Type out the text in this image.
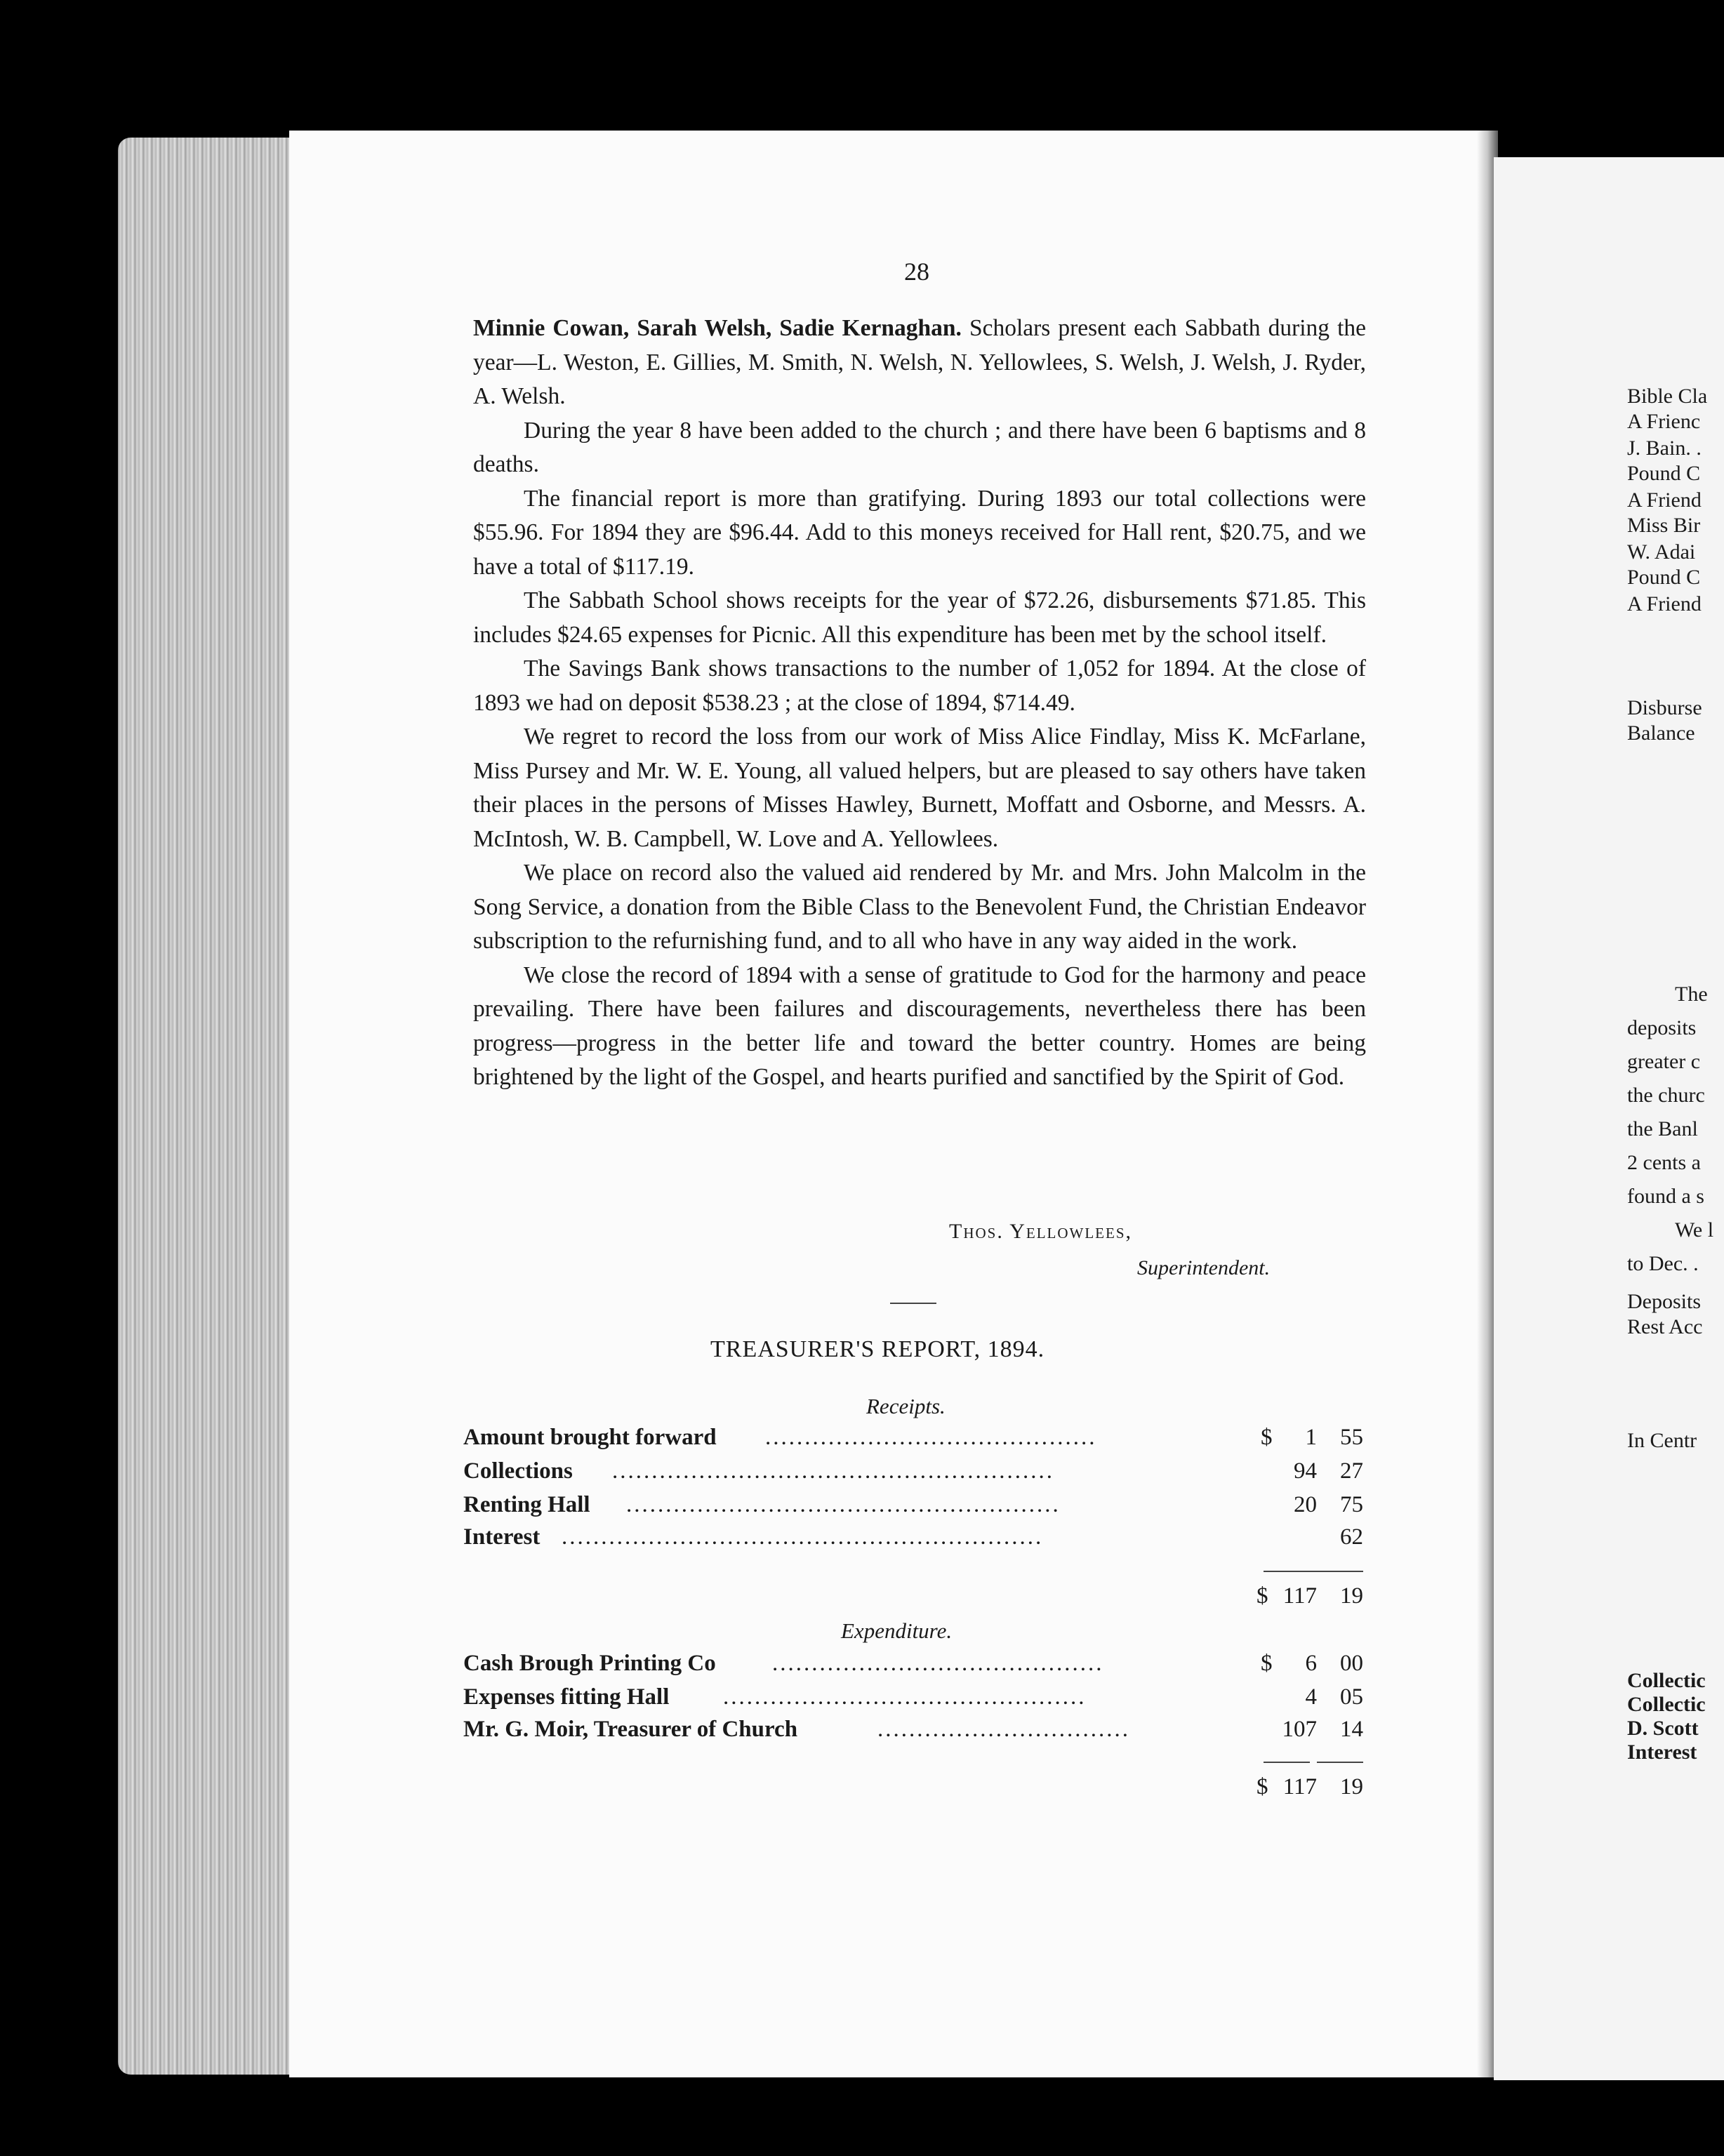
Bible Cla
A Frienc
J. Bain. .
Pound C
A Friend
Miss Bir
W. Adai
Pound C
A Friend
Disburse
Balance
The
deposits
greater c
the churc
the Banl
2 cents a
found a s
We l
to Dec. .
Deposits
Rest Acc
In Centr
Collectic
Collectic
D. Scott
Interest
28

Minnie Cowan, Sarah Welsh, Sadie Kernaghan. Scholars present each Sabbath during the year—L. Weston, E. Gillies, M. Smith, N. Welsh, N. Yellowlees, S. Welsh, J. Welsh, J. Ryder, A. Welsh.

During the year 8 have been added to the church ; and there have been 6 baptisms and 8 deaths.

The financial report is more than gratifying. During 1893 our total collections were $55.96. For 1894 they are $96.44. Add to this moneys received for Hall rent, $20.75, and we have a total of $117.19.

The Sabbath School shows receipts for the year of $72.26, disbursements $71.85. This includes $24.65 expenses for Picnic. All this expenditure has been met by the school itself.

The Savings Bank shows transactions to the number of 1,052 for 1894. At the close of 1893 we had on deposit $538.23 ; at the close of 1894, $714.49.

We regret to record the loss from our work of Miss Alice Findlay, Miss K. McFarlane, Miss Pursey and Mr. W. E. Young, all valued helpers, but are pleased to say others have taken their places in the persons of Misses Hawley, Burnett, Moffatt and Osborne, and Messrs. A. McIntosh, W. B. Campbell, W. Love and A. Yellowlees.

We place on record also the valued aid rendered by Mr. and Mrs. John Malcolm in the Song Service, a donation from the Bible Class to the Benevolent Fund, the Christian Endeavor subscription to the refurnishing fund, and to all who have in any way aided in the work.

We close the record of 1894 with a sense of gratitude to God for the harmony and peace prevailing. There have been failures and discouragements, nevertheless there has been progress—progress in the better life and toward the better country. Homes are being brightened by the light of the Gospel, and hearts purified and sanctified by the Spirit of God.

Thos. Yellowlees,
Superintendent.
TREASURER'S REPORT, 1894.
Receipts.
Amount brought forward ..........................................	$ 1	55
Collections ........................................................	94	27
Renting Hall .......................................................	20	75
Interest .............................................................	62
$ 117	19
Expenditure.
Cash Brough Printing Co ..........................................	$ 6	00
Expenses fitting Hall ..............................................	4	05
Mr. G. Moir, Treasurer of Church	................................	107	14
$ 117	19
